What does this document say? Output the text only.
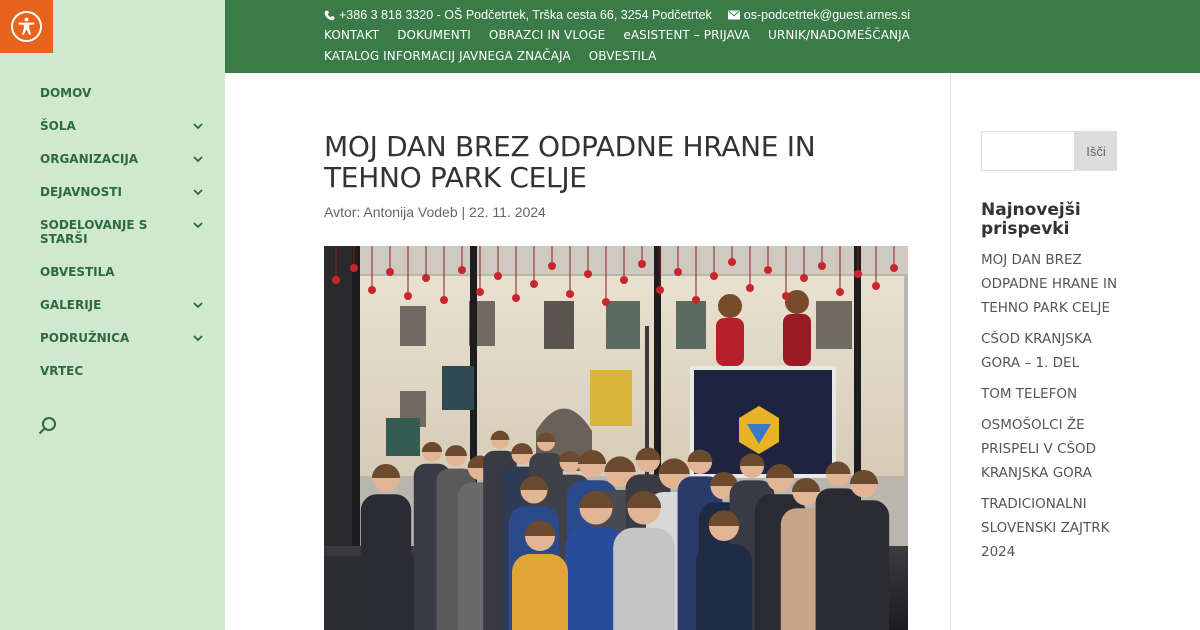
DOMOV
ŠOLA
ORGANIZACIJA
DEJAVNOSTI
SODELOVANJE S STARŠI
OBVESTILA
GALERIJE
PODRUŽNICA
VRTEC
+386 3 818 3320 - OŠ Podčetrtek, Trška cesta 66, 3254 Podčetrtek	os-podcetrtek@guest.arnes.si
KONTAKT DOKUMENTI OBRAZCI IN VLOGE eASISTENT – PRIJAVA URNIK/NADOMEŠČANJA
KATALOG INFORMACIJ JAVNEGA ZNAČAJA OBVESTILA
MOJ DAN BREZ ODPADNE HRANE IN TEHNO PARK CELJE
Avtor: Antonija Vodeb | 22. 11. 2024
Išči
Najnovejši prispevki
MOJ DAN BREZ ODPADNE HRANE IN TEHNO PARK CELJE
CŠOD KRANJSKA GORA – 1. DEL
TOM TELEFON
OSMOŠOLCI ŽE PRISPELI V CŠOD KRANJSKA GORA
TRADICIONALNI SLOVENSKI ZAJTRK 2024
